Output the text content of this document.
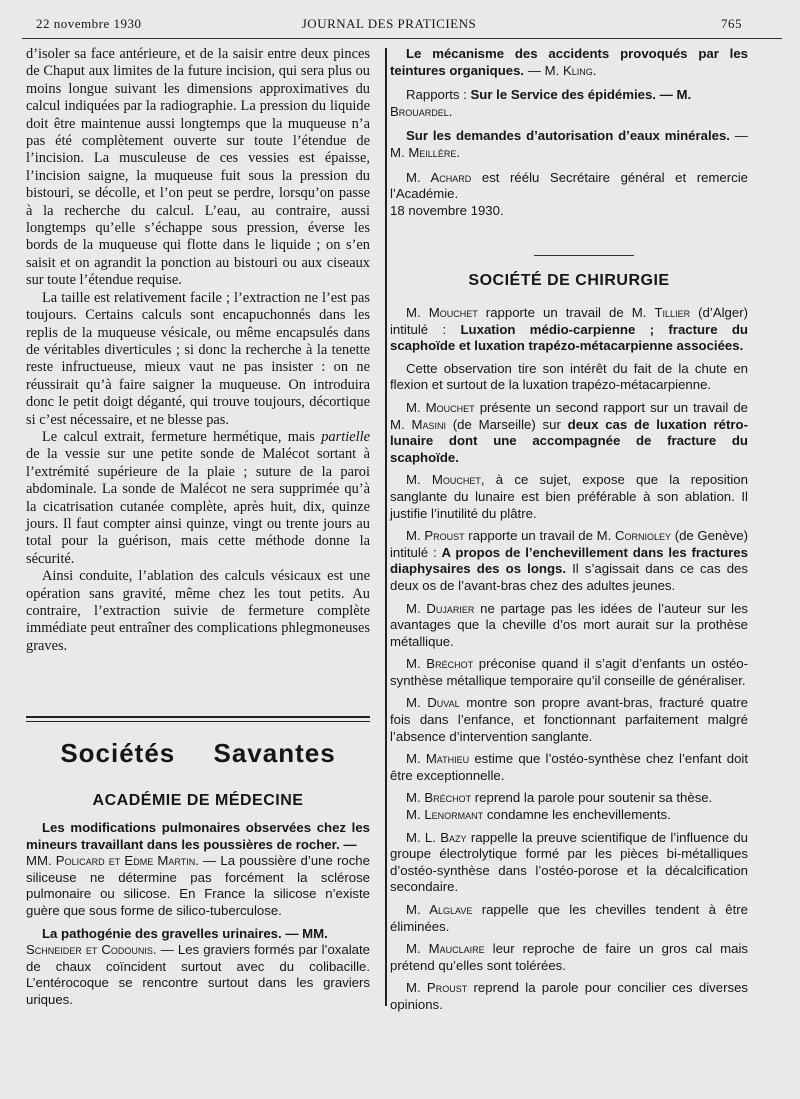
22 novembre 1930	JOURNAL DES PRATICIENS	765

d’isoler sa face antérieure, et de la saisir entre deux pinces de Chaput aux limites de la future incision, qui sera plus ou moins longue suivant les dimensions approximatives du calcul indiquées par la radiographie. La pression du liquide doit être maintenue aussi longtemps que la muqueuse n’a pas été complètement ouverte sur toute l’étendue de l’incision. La musculeuse de ces vessies est épaisse, l’incision saigne, la muqueuse fuit sous la pression du bistouri, se décolle, et l’on peut se perdre, lorsqu’on passe à la recherche du calcul. L’eau, au contraire, aussi longtemps qu’elle s’échappe sous pression, éverse les bords de la muqueuse qui flotte dans le liquide ; on s’en saisit et on agrandit la ponction au bistouri ou aux ciseaux sur toute l’étendue requise.

La taille est relativement facile ; l’extraction ne l’est pas toujours. Certains calculs sont encapuchonnés dans les replis de la muqueuse vésicale, ou même encapsulés dans de véritables diverticules ; si donc la recherche à la tenette reste infructueuse, mieux vaut ne pas insister : on ne réussirait qu’à faire saigner la muqueuse. On introduira donc le petit doigt déganté, qui trouve toujours, décortique si c’est nécessaire, et ne blesse pas.

Le calcul extrait, fermeture hermétique, mais partielle de la vessie sur une petite sonde de Malécot sortant à l’extrémité supérieure de la plaie ; suture de la paroi abdominale. La sonde de Malécot ne sera supprimée qu’à la cicatrisation cutanée complète, après huit, dix, quinze jours. Il faut compter ainsi quinze, vingt ou trente jours au total pour la guérison, mais cette méthode donne la sécurité.

Ainsi conduite, l’ablation des calculs vésicaux est une opération sans gravité, même chez les tout petits. Au contraire, l’extraction suivie de fermeture complète immédiate peut entraîner des complications phlegmoneuses graves.

Sociétés Savantes
ACADÉMIE DE MÉDECINE

Les modifications pulmonaires observées chez les mineurs travaillant dans les poussières de rocher. —

MM. Policard et Edme Martin. — La poussière d’une roche siliceuse ne détermine pas forcément la sclérose pulmonaire ou silicose. En France la silicose n’existe guère que sous forme de silico-tuberculose.

La pathogénie des gravelles urinaires. — MM.

Schneider et Codounis. — Les graviers formés par l’oxalate de chaux coïncident surtout avec du colibacille. L’entérocoque se rencontre surtout dans les graviers uriques.

Le mécanisme des accidents provoqués par les teintures organiques. — M. Kling.

Rapports : Sur le Service des épidémies. — M.

Brouardel.

Sur les demandes d’autorisation d’eaux minérales. — M. Meillère.

M. Achard est réélu Secrétaire général et remercie l’Académie.

18 novembre 1930.

SOCIÉTÉ DE CHIRURGIE

M. Mouchet rapporte un travail de M. Tillier (d’Alger) intitulé : Luxation médio-carpienne ; fracture du scaphoïde et luxation trapézo-métacarpienne associées.

Cette observation tire son intérêt du fait de la chute en flexion et surtout de la luxation trapézo-métacarpienne.

M. Mouchet présente un second rapport sur un travail de M. Masini (de Marseille) sur deux cas de luxation rétro-lunaire dont une accompagnée de fracture du scaphoïde.

M. Mouchet, à ce sujet, expose que la reposition sanglante du lunaire est bien préférable à son ablation. Il justifie l’inutilité du plâtre.

M. Proust rapporte un travail de M. Cornioley (de Genève) intitulé : A propos de l’enchevillement dans les fractures diaphysaires des os longs. Il s’agissait dans ce cas des deux os de l’avant-bras chez des adultes jeunes.

M. Dujarier ne partage pas les idées de l’auteur sur les avantages que la cheville d’os mort aurait sur la prothèse métallique.

M. Bréchot préconise quand il s’agit d’enfants un ostéo-synthèse métallique temporaire qu’il conseille de généraliser.

M. Duval montre son propre avant-bras, fracturé quatre fois dans l’enfance, et fonctionnant parfaitement malgré l’absence d’intervention sanglante.

M. Mathieu estime que l’ostéo-synthèse chez l’enfant doit être exceptionnelle.

M. Bréchot reprend la parole pour soutenir sa thèse.

M. Lenormant condamne les enchevillements.

M. L. Bazy rappelle la preuve scientifique de l’influence du groupe électrolytique formé par les pièces bi-métalliques d’ostéo-synthèse dans l’ostéo-porose et la décalcification secondaire.

M. Alglave rappelle que les chevilles tendent à être éliminées.

M. Mauclaire leur reproche de faire un gros cal mais prétend qu’elles sont tolérées.

M. Proust reprend la parole pour concilier ces diverses opinions.
